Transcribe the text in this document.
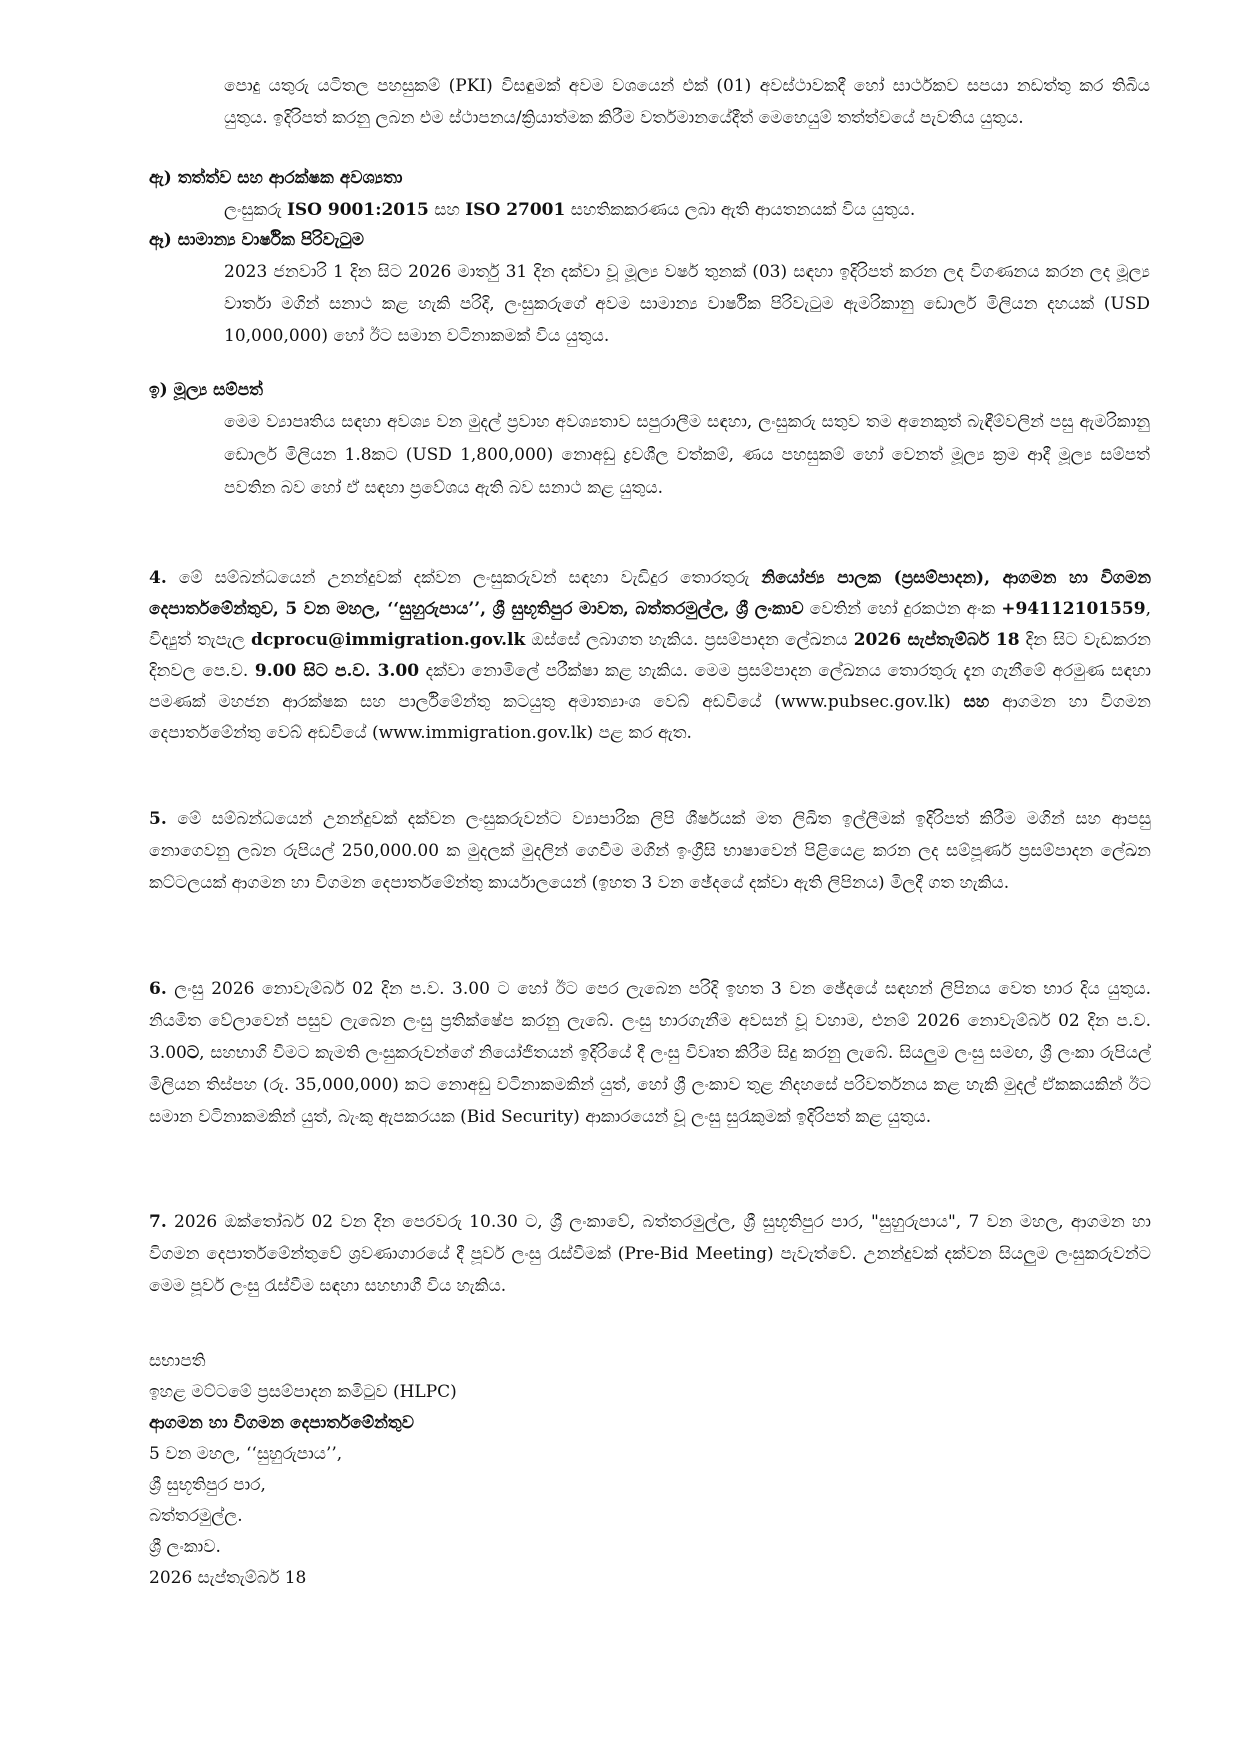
පොදු යතුරු යටිතල පහසුකම් (PKI) විසඳුමක් අවම වශයෙන් එක් (01) අවස්ථාවකදී හෝ සාර්ථකව සපයා නඩත්තු කර තිබිය යුතුය. ඉදිරිපත් කරනු ලබන එම ස්ථාපනය/ක්‍රියාත්මක කිරීම වර්තමානයේදීත් මෙහෙයුම් තත්ත්වයේ පැවතිය යුතුය.

ඇ) තත්ත්ව සහ ආරක්ෂක අවශ්‍යතා

ලංසුකරු ISO 9001:2015 සහ ISO 27001 සහතිකකරණය ලබා ඇති ආයතනයක් විය යුතුය.

ඈ) සාමාන්‍ය වාර්ෂික පිරිවැටුම

2023 ජනවාරි 1 දින සිට 2026 මාර්තු 31 දින දක්වා වූ මූල්‍ය වර්ෂ තුනක් (03) සඳහා ඉදිරිපත් කරන ලද විගණනය කරන ලද මූල්‍ය වාර්තා මගින් සනාථ කළ හැකි පරිදි, ලංසුකරුගේ අවම සාමාන්‍ය වාර්ෂික පිරිවැටුම ඇමරිකානු ඩොලර් මිලියන දහයක් (USD 10,000,000) හෝ ඊට සමාන වටිනාකමක් විය යුතුය.

ඉ) මූල්‍ය සම්පත්

මෙම ව්‍යාපෘතිය සඳහා අවශ්‍ය වන මුදල් ප්‍රවාහ අවශ්‍යතාව සපුරාලීම සඳහා, ලංසුකරු සතුව තම අනෙකුත් බැඳීම්වලින් පසු ඇමරිකානු ඩොලර් මිලියන 1.8කට (USD 1,800,000) නොඅඩු ද්‍රවශීල වත්කම්, ණය පහසුකම් හෝ වෙනත් මූල්‍ය ක්‍රම ආදී මූල්‍ය සම්පත් පවතින බව හෝ ඒ සඳහා ප්‍රවේශය ඇති බව සනාථ කළ යුතුය.

4. මේ සම්බන්ධයෙන් උනන්දුවක් දක්වන ලංසුකරුවන් සඳහා වැඩිදුර තොරතුරු නියෝජ්‍ය පාලක (ප්‍රසම්පාදන), ආගමන හා විගමන දෙපාර්තමේන්තුව, 5 වන මහල, ‘‘සුහුරුපාය’’, ශ්‍රී සුභූතිපුර මාවත, බත්තරමුල්ල, ශ්‍රී ලංකාව වෙතින් හෝ දුරකථන අංක +94112101559, විද්‍යුත් තැපැල dcprocu@immigration.gov.lk ඔස්සේ ලබාගත හැකිය. ප්‍රසම්පාදන ලේඛනය 2026 සැප්තැම්බර් 18 දින සිට වැඩකරන දිනවල පෙ.ව. 9.00 සිට ප.ව. 3.00 දක්වා නොමිලේ පරීක්ෂා කළ හැකිය. මෙම ප්‍රසම්පාදන ලේඛනය තොරතුරු දැන ගැනීමේ අරමුණ සඳහා පමණක් මහජන ආරක්ෂක සහ පාර්ලිමේන්තු කටයුතු අමාත්‍යාංශ වෙබ් අඩවියේ (www.pubsec.gov.lk) සහ ආගමන හා විගමන දෙපාර්තමේන්තු වෙබ් අඩවියේ (www.immigration.gov.lk) පළ කර ඇත.

5. මේ සම්බන්ධයෙන් උනන්දුවක් දක්වන ලංසුකරුවන්ට ව්‍යාපාරික ලිපි ශීර්ෂයක් මත ලිඛිත ඉල්ලීමක් ඉදිරිපත් කිරීම මගින් සහ ආපසු නොගෙවනු ලබන රුපියල් 250,000.00 ක මුදලක් මුදලින් ගෙවීම මගින් ඉංග්‍රීසි භාෂාවෙන් පිළියෙළ කරන ලද සම්පූර්ණ ප්‍රසම්පාදන ලේඛන කට්ටලයක් ආගමන හා විගමන දෙපාර්තමේන්තු කාර්යාලයෙන් (ඉහත 3 වන ඡේදයේ දක්වා ඇති ලිපිනය) මිලදී ගත හැකිය.

6. ලංසු 2026 නොවැම්බර් 02 දින ප.ව. 3.00 ට හෝ ඊට පෙර ලැබෙන පරිදි ඉහත 3 වන ඡේදයේ සඳහන් ලිපිනය වෙත භාර දිය යුතුය. නියමිත වේලාවෙන් පසුව ලැබෙන ලංසු ප්‍රතික්ෂේප කරනු ලැබේ. ලංසු භාරගැනීම අවසන් වූ වහාම, එනම් 2026 නොවැම්බර් 02 දින ප.ව. 3.00ට, සහභාගි වීමට කැමති ලංසුකරුවන්ගේ නියෝජිතයන් ඉදිරියේ දී ලංසු විවෘත කිරීම සිදු කරනු ලැබේ. සියලුම ලංසු සමඟ, ශ්‍රී ලංකා රුපියල් මිලියන තිස්පහ (රු. 35,000,000) කට නොඅඩු වටිනාකමකින් යුත්, හෝ ශ්‍රී ලංකාව තුළ නිදහසේ පරිවර්තනය කළ හැකි මුදල් ඒකකයකින් ඊට සමාන වටිනාකමකින් යුත්, බැංකු ඇපකරයක (Bid Security) ආකාරයෙන් වූ ලංසු සුරැකුමක් ඉදිරිපත් කළ යුතුය.

7. 2026 ඔක්තෝබර් 02 වන දින පෙරවරු 10.30 ට, ශ්‍රී ලංකාවේ, බත්තරමුල්ල, ශ්‍රී සුභූතිපුර පාර, "සුහුරුපාය", 7 වන මහල, ආගමන හා විගමන දෙපාර්තමේන්තුවේ ශ්‍රවණාගාරයේ දී පූර්ව ලංසු රැස්වීමක් (Pre-Bid Meeting) පැවැත්වේ. උනන්දුවක් දක්වන සියලුම ලංසුකරුවන්ට මෙම පූර්ව ලංසු රැස්වීම සඳහා සහභාගී විය හැකිය.

සභාපති
ඉහළ මට්ටමේ ප්‍රසම්පාදන කමිටුව (HLPC)
ආගමන හා විගමන දෙපාර්තමේන්තුව
5 වන මහල, ‘‘සුහුරුපාය’’,
ශ්‍රී සුභූතිපුර පාර,
බත්තරමුල්ල.
ශ්‍රී ලංකාව.
2026 සැප්තැම්බර් 18
